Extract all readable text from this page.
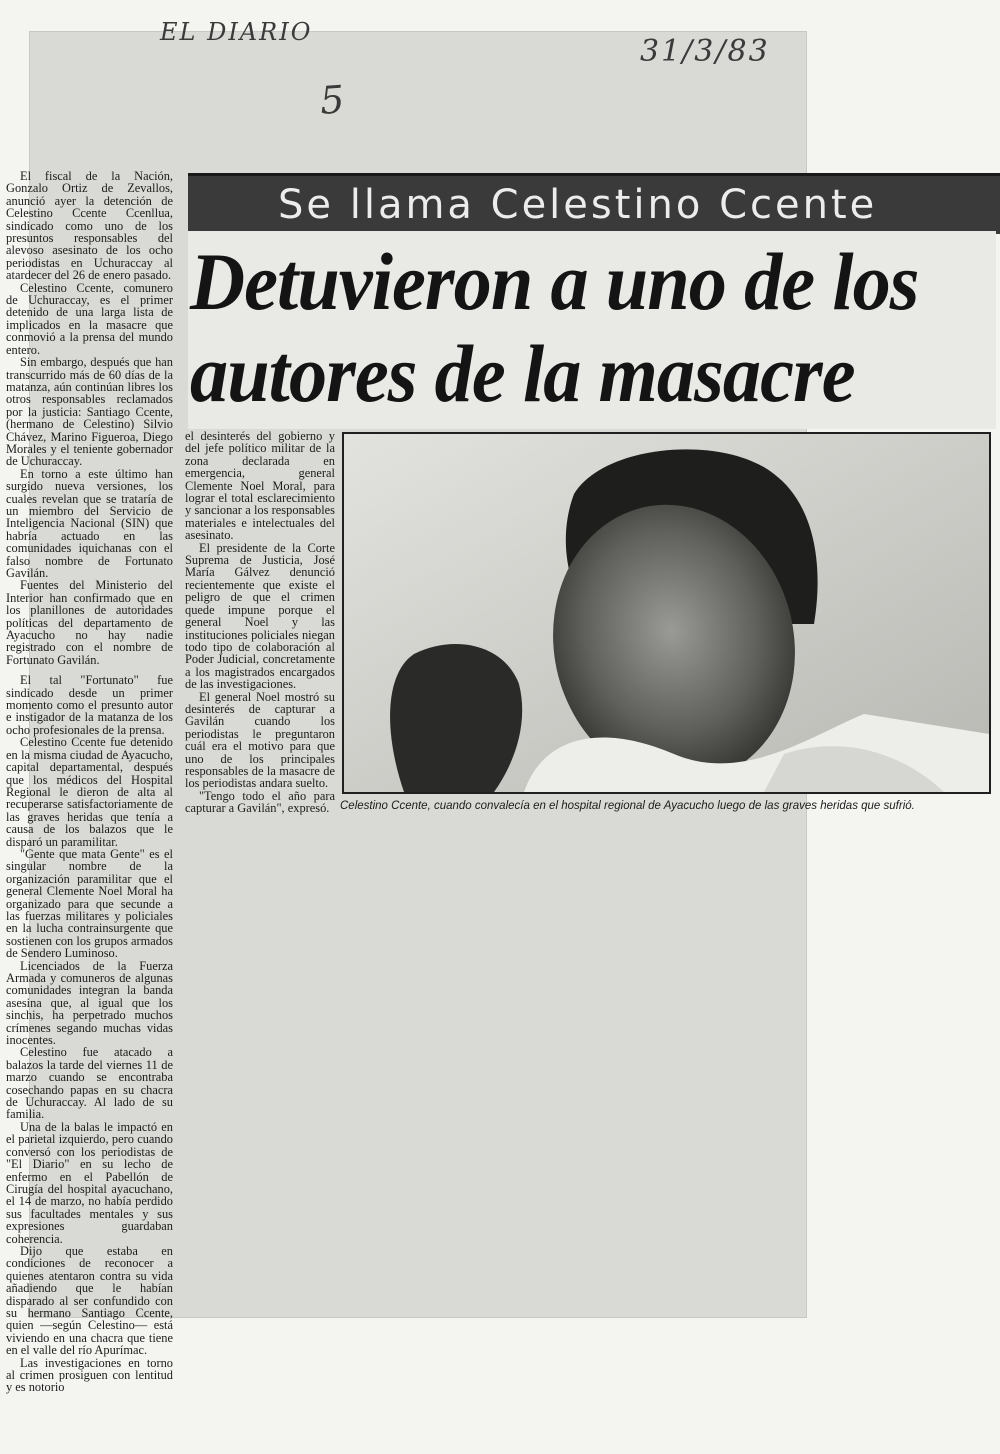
EL DIARIO
31/3/83
5

El fiscal de la Nación, Gonzalo Ortiz de Zevallos, anunció ayer la detención de Celestino Ccente Ccenllua, sindicado como uno de los presuntos responsables del alevoso asesinato de los ocho periodistas en Uchuraccay al atardecer del 26 de enero pasado.

Celestino Ccente, comunero de Uchuraccay, es el primer detenido de una larga lista de implicados en la masacre que conmovió a la prensa del mundo entero.

Sin embargo, después que han transcurrido más de 60 días de la matanza, aún continúan libres los otros responsables reclamados por la justicia: Santiago Ccente, (hermano de Celestino) Silvio Chávez, Marino Figueroa, Diego Morales y el teniente gobernador de Uchuraccay.

En torno a este último han surgido nueva versiones, los cuales revelan que se trataría de un miembro del Servicio de Inteligencia Nacional (SIN) que habría actuado en las comunidades iquichanas con el falso nombre de Fortunato Gavilán.

Fuentes del Ministerio del Interior han confirmado que en los planillones de autoridades políticas del departamento de Ayacucho no hay nadie registrado con el nombre de Fortunato Gavilán.

El tal "Fortunato" fue sindicado desde un primer momento como el presunto autor e instigador de la matanza de los ocho profesionales de la prensa.

Celestino Ccente fue detenido en la misma ciudad de Ayacucho, capital departamental, después que los médicos del Hospital Regional le dieron de alta al recuperarse satisfactoriamente de las graves heridas que tenía a causa de los balazos que le disparó un paramilitar.

"Gente que mata Gente" es el singular nombre de la organización paramilitar que el general Clemente Noel Moral ha organizado para que secunde a las fuerzas militares y policiales en la lucha contrainsurgente que sostienen con los grupos armados de Sendero Luminoso.

Licenciados de la Fuerza Armada y comuneros de algunas comunidades integran la banda asesina que, al igual que los sinchis, ha perpetrado muchos crímenes segando muchas vidas inocentes.

Celestino fue atacado a balazos la tarde del viernes 11 de marzo cuando se encontraba cosechando papas en su chacra de Uchuraccay. Al lado de su familia.

Una de la balas le impactó en el parietal izquierdo, pero cuando conversó con los periodistas de "El Diario" en su lecho de enfermo en el Pabellón de Cirugía del hospital ayacuchano, el 14 de marzo, no había perdido sus facultades mentales y sus expresiones guardaban coherencia.

Dijo que estaba en condiciones de reconocer a quienes atentaron contra su vida añadiendo que le habían disparado al ser confundido con su hermano Santiago Ccente, quien —según Celestino— está viviendo en una chacra que tiene en el valle del río Apurímac.

Las investigaciones en torno al crimen prosiguen con lentitud y es notorio

Se llama Celestino Ccente
Detuvieron a uno de los
autores de la masacre

el desinterés del gobierno y del jefe político militar de la zona declarada en emergencia, general Clemente Noel Moral, para lograr el total esclarecimiento y sancionar a los responsables materiales e intelectuales del asesinato.

El presidente de la Corte Suprema de Justicia, José María Gálvez denunció recientemente que existe el peligro de que el crimen quede impune porque el general Noel y las instituciones policiales niegan todo tipo de colaboración al Poder Judicial, concretamente a los magistrados encargados de las investigaciones.

El general Noel mostró su desinterés de capturar a Gavilán cuando los periodistas le preguntaron cuál era el motivo para que uno de los principales responsables de la masacre de los periodistas andara suelto.

"Tengo todo el año para capturar a Gavilán", expresó. Celestino Ccente, cuando convalecía en el hospital regional de Ayacucho luego de las graves heridas que sufrió.
